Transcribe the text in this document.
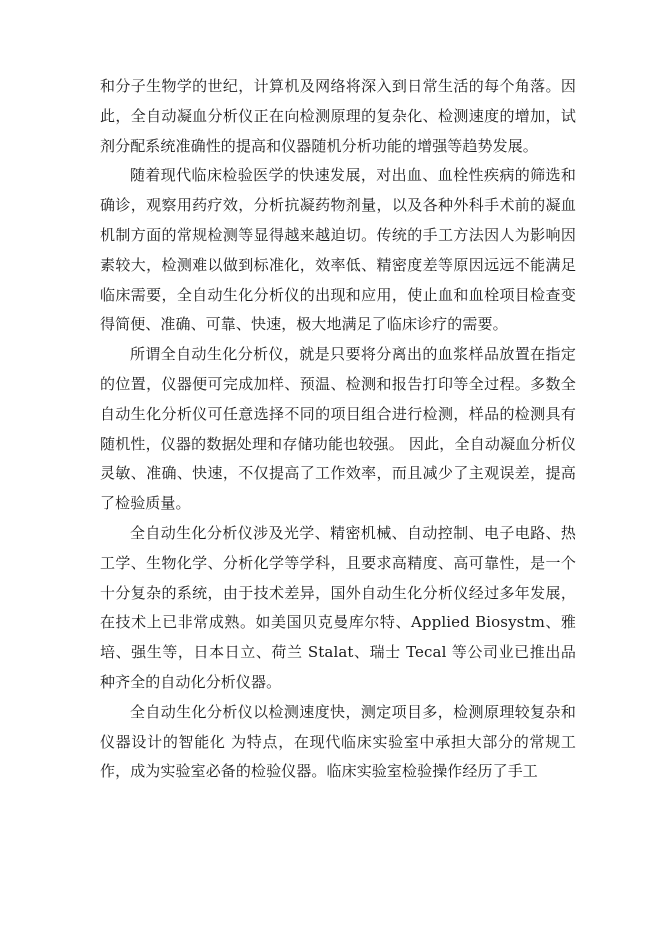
和分子生物学的世纪，计算机及网络将深入到日常生活的每个角落。因此，全自动凝血分析仪正在向检测原理的复杂化、检测速度的增加，试剂分配系统准确性的提高和仪器随机分析功能的增强等趋势发展。

随着现代临床检验医学的快速发展，对出血、血栓性疾病的筛选和确诊，观察用药疗效，分析抗凝药物剂量，以及各种外科手术前的凝血机制方面的常规检测等显得越来越迫切。传统的手工方法因人为影响因素较大，检测难以做到标准化，效率低、精密度差等原因远远不能满足临床需要，全自动生化分析仪的出现和应用，使止血和血栓项目检查变得简便、准确、可靠、快速，极大地满足了临床诊疗的需要。

所谓全自动生化分析仪，就是只要将分离出的血浆样品放置在指定的位置，仪器便可完成加样、预温、检测和报告打印等全过程。多数全自动生化分析仪可任意选择不同的项目组合进行检测，样品的检测具有随机性，仪器的数据处理和存储功能也较强。 因此，全自动凝血分析仪灵敏、准确、快速，不仅提高了工作效率，而且减少了主观误差，提高了检验质量。

全自动生化分析仪涉及光学、精密机械、自动控制、电子电路、热工学、生物化学、分析化学等学科，且要求高精度、高可靠性，是一个十分复杂的系统，由于技术差异，国外自动生化分析仪经过多年发展，在技术上已非常成熟。如美国贝克曼库尔特、Applied Biosystm、雅培、强生等，日本日立、荷兰 Stalat、瑞士 Tecal 等公司业已推出品种齐全的自动化分析仪器。

全自动生化分析仪以检测速度快，测定项目多，检测原理较复杂和仪器设计的智能化 为特点，在现代临床实验室中承担大部分的常规工作，成为实验室必备的检验仪器。临床实验室检验操作经历了手工
